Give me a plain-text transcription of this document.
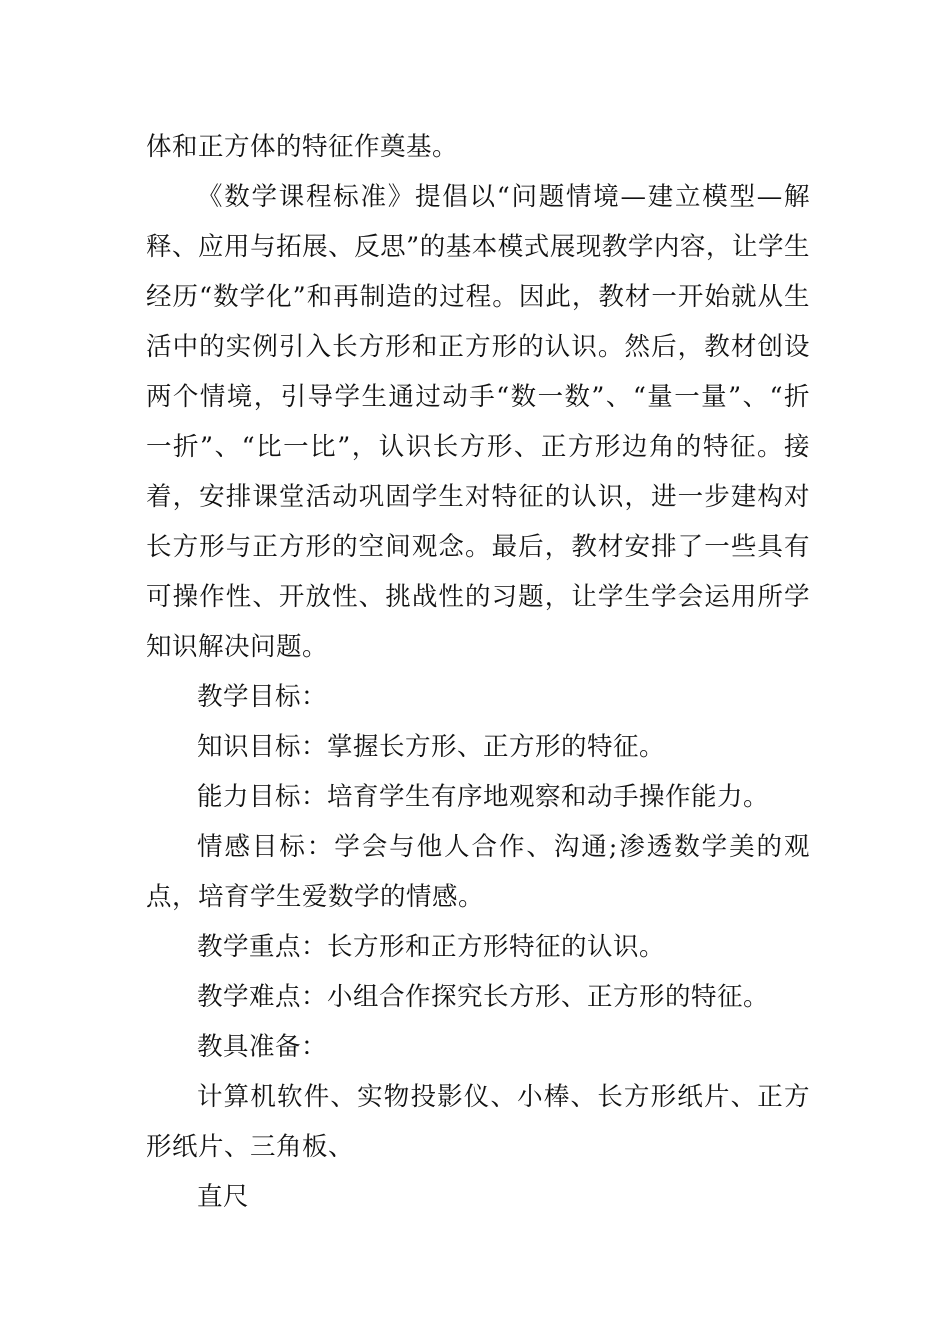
体和正方体的特征作奠基。

《数学课程标准》提倡以“问题情境—建立模型—解释、应用与拓展、反思”的基本模式展现教学内容，让学生经历“数学化”和再制造的过程。因此，教材一开始就从生活中的实例引入长方形和正方形的认识。然后，教材创设两个情境，引导学生通过动手“数一数”、“量一量”、“折一折”、“比一比”，认识长方形、正方形边角的特征。接着，安排课堂活动巩固学生对特征的认识，进一步建构对长方形与正方形的空间观念。最后，教材安排了一些具有可操作性、开放性、挑战性的习题，让学生学会运用所学知识解决问题。

教学目标：

知识目标：掌握长方形、正方形的特征。

能力目标：培育学生有序地观察和动手操作能力。

情感目标：学会与他人合作、沟通;渗透数学美的观点，培育学生爱数学的情感。

教学重点：长方形和正方形特征的认识。

教学难点：小组合作探究长方形、正方形的特征。

教具准备：

计算机软件、实物投影仪、小棒、长方形纸片、正方形纸片、三角板、

直尺
